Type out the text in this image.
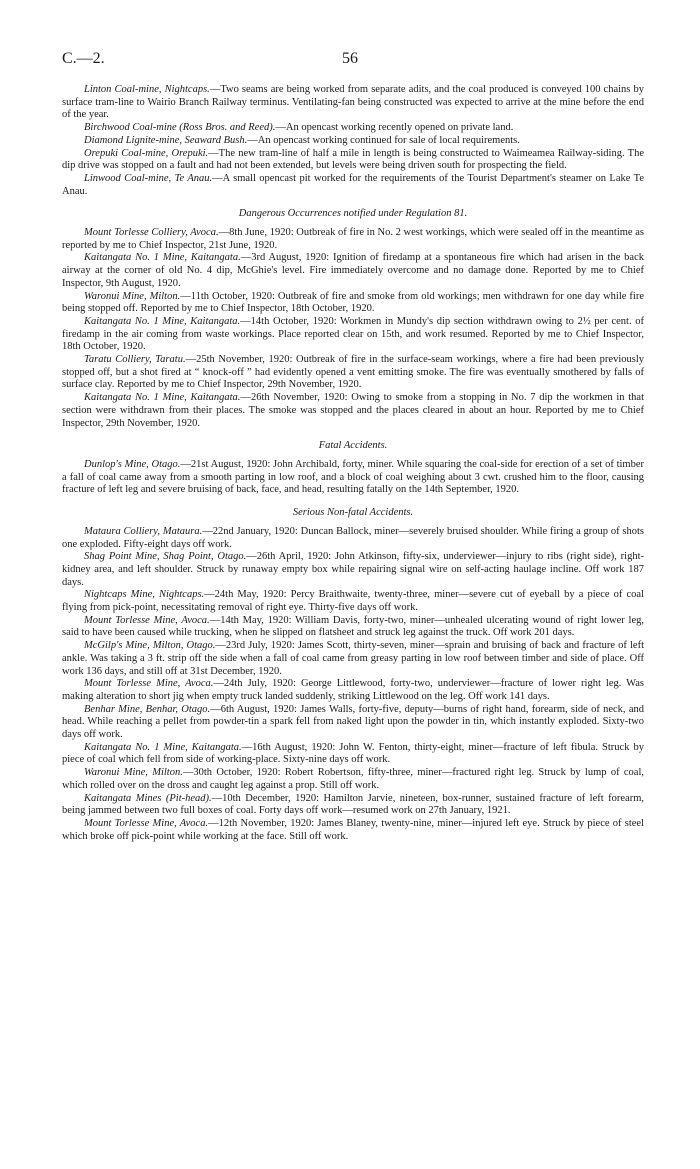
C.—2.	56

Linton Coal-mine, Nightcaps.—Two seams are being worked from separate adits, and the coal produced is conveyed 100 chains by surface tram-line to Wairio Branch Railway terminus. Ventilating-fan being constructed was expected to arrive at the mine before the end of the year.

Birchwood Coal-mine (Ross Bros. and Reed).—An opencast working recently opened on private land.

Diamond Lignite-mine, Seaward Bush.—An opencast working continued for sale of local requirements.

Orepuki Coal-mine, Orepuki.—The new tram-line of half a mile in length is being constructed to Waimeamea Railway-siding. The dip drive was stopped on a fault and had not been extended, but levels were being driven south for prospecting the field.

Linwood Coal-mine, Te Anau.—A small opencast pit worked for the requirements of the Tourist Department's steamer on Lake Te Anau.

Dangerous Occurrences notified under Regulation 81.

Mount Torlesse Colliery, Avoca.—8th June, 1920: Outbreak of fire in No. 2 west workings, which were sealed off in the meantime as reported by me to Chief Inspector, 21st June, 1920.

Kaitangata No. 1 Mine, Kaitangata.—3rd August, 1920: Ignition of firedamp at a spontaneous fire which had arisen in the back airway at the corner of old No. 4 dip, McGhie's level. Fire immediately overcome and no damage done. Reported by me to Chief Inspector, 9th August, 1920.

Waronui Mine, Milton.—11th October, 1920: Outbreak of fire and smoke from old workings; men withdrawn for one day while fire being stopped off. Reported by me to Chief Inspector, 18th October, 1920.

Kaitangata No. 1 Mine, Kaitangata.—14th October, 1920: Workmen in Mundy's dip section withdrawn owing to 2½ per cent. of firedamp in the air coming from waste workings. Place reported clear on 15th, and work resumed. Reported by me to Chief Inspector, 18th October, 1920.

Taratu Colliery, Taratu.—25th November, 1920: Outbreak of fire in the surface-seam workings, where a fire had been previously stopped off, but a shot fired at “ knock-off ” had evidently opened a vent emitting smoke. The fire was eventually smothered by falls of surface clay. Reported by me to Chief Inspector, 29th November, 1920.

Kaitangata No. 1 Mine, Kaitangata.—26th November, 1920: Owing to smoke from a stopping in No. 7 dip the workmen in that section were withdrawn from their places. The smoke was stopped and the places cleared in about an hour. Reported by me to Chief Inspector, 29th November, 1920.

Fatal Accidents.

Dunlop's Mine, Otago.—21st August, 1920: John Archibald, forty, miner. While squaring the coal-side for erection of a set of timber a fall of coal came away from a smooth parting in low roof, and a block of coal weighing about 3 cwt. crushed him to the floor, causing fracture of left leg and severe bruising of back, face, and head, resulting fatally on the 14th September, 1920.

Serious Non-fatal Accidents.

Mataura Colliery, Mataura.—22nd January, 1920: Duncan Ballock, miner—severely bruised shoulder. While firing a group of shots one exploded. Fifty-eight days off work.

Shag Point Mine, Shag Point, Otago.—26th April, 1920: John Atkinson, fifty-six, underviewer—injury to ribs (right side), right-kidney area, and left shoulder. Struck by runaway empty box while repairing signal wire on self-acting haulage incline. Off work 187 days.

Nightcaps Mine, Nightcaps.—24th May, 1920: Percy Braithwaite, twenty-three, miner—severe cut of eyeball by a piece of coal flying from pick-point, necessitating removal of right eye. Thirty-five days off work.

Mount Torlesse Mine, Avoca.—14th May, 1920: William Davis, forty-two, miner—unhealed ulcerating wound of right lower leg, said to have been caused while trucking, when he slipped on flatsheet and struck leg against the truck. Off work 201 days.

McGilp's Mine, Milton, Otago.—23rd July, 1920: James Scott, thirty-seven, miner—sprain and bruising of back and fracture of left ankle. Was taking a 3 ft. strip off the side when a fall of coal came from greasy parting in low roof between timber and side of place. Off work 136 days, and still off at 31st December, 1920.

Mount Torlesse Mine, Avoca.—24th July, 1920: George Littlewood, forty-two, underviewer—fracture of lower right leg. Was making alteration to short jig when empty truck landed suddenly, striking Littlewood on the leg. Off work 141 days.

Benhar Mine, Benhar, Otago.—6th August, 1920: James Walls, forty-five, deputy—burns of right hand, forearm, side of neck, and head. While reaching a pellet from powder-tin a spark fell from naked light upon the powder in tin, which instantly exploded. Sixty-two days off work.

Kaitangata No. 1 Mine, Kaitangata.—16th August, 1920: John W. Fenton, thirty-eight, miner—fracture of left fibula. Struck by piece of coal which fell from side of working-place. Sixty-nine days off work.

Waronui Mine, Milton.—30th October, 1920: Robert Robertson, fifty-three, miner—fractured right leg. Struck by lump of coal, which rolled over on the dross and caught leg against a prop. Still off work.

Kaitangata Mines (Pit-head).—10th December, 1920: Hamilton Jarvie, nineteen, box-runner, sustained fracture of left forearm, being jammed between two full boxes of coal. Forty days off work—resumed work on 27th January, 1921.

Mount Torlesse Mine, Avoca.—12th November, 1920: James Blaney, twenty-nine, miner—injured left eye. Struck by piece of steel which broke off pick-point while working at the face. Still off work.
